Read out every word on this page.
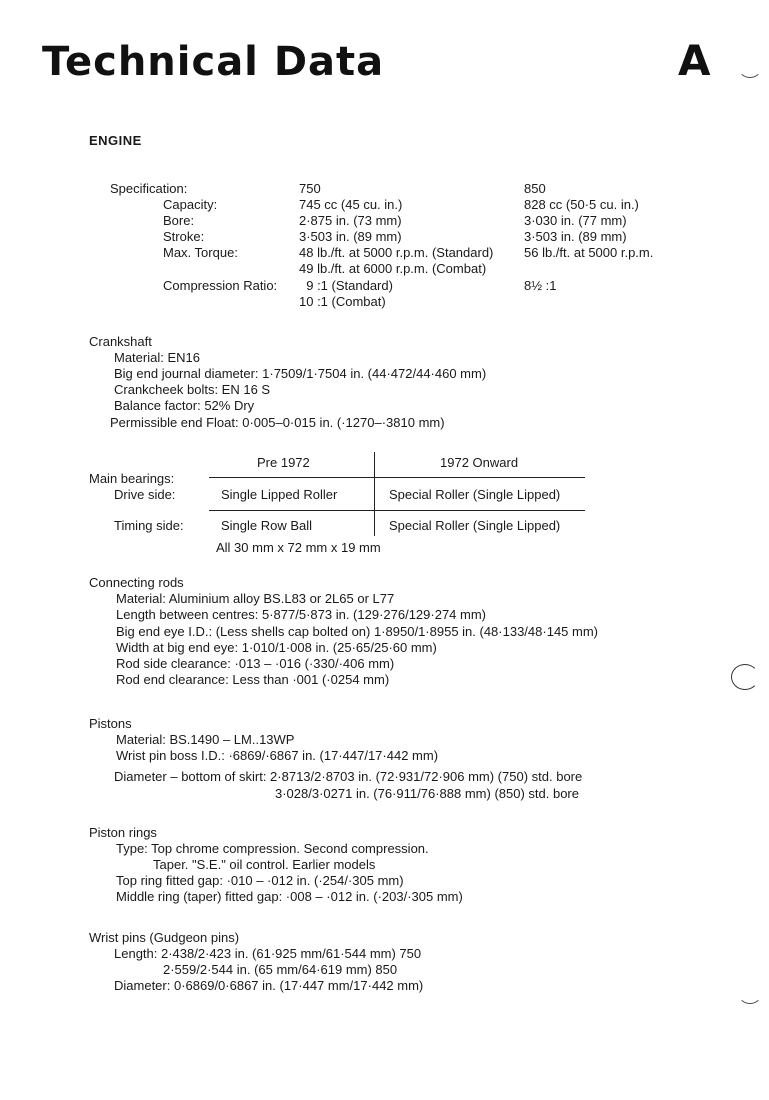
Technical Data	A
ENGINE
Specification:	750	850
Capacity:	745 cc (45 cu. in.)	828 cc (50·5 cu. in.)
Bore:	2·875 in. (73 mm)	3·030 in. (77 mm)
Stroke:	3·503 in. (89 mm)	3·503 in. (89 mm)
Max. Torque:	48 lb./ft. at 5000 r.p.m. (Standard) 56 lb./ft. at 5000 r.p.m.
49 lb./ft. at 6000 r.p.m. (Combat)
Compression Ratio: 9 :1 (Standard)	8½ :1
10 :1 (Combat)
Crankshaft
Material: EN16
Big end journal diameter: 1·7509/1·7504 in. (44·472/44·460 mm)
Crankcheek bolts: EN 16 S
Balance factor: 52% Dry
Permissible end Float: 0·005–0·015 in. (·1270–·3810 mm)
Pre 1972	1972 Onward
Main bearings:
Drive side:	Single Lipped Roller	Special Roller (Single Lipped)
Timing side:	Single Row Ball	Special Roller (Single Lipped)
All 30 mm x 72 mm x 19 mm
Connecting rods
Material: Aluminium alloy BS.L83 or 2L65 or L77
Length between centres: 5·877/5·873 in. (129·276/129·274 mm)
Big end eye I.D.: (Less shells cap bolted on) 1·8950/1·8955 in. (48·133/48·145 mm)
Width at big end eye: 1·010/1·008 in. (25·65/25·60 mm)
Rod side clearance: ·013 – ·016 (·330/·406 mm)
Rod end clearance: Less than ·001 (·0254 mm)
Pistons
Material: BS.1490 – LM..13WP
Wrist pin boss I.D.: ·6869/·6867 in. (17·447/17·442 mm)
Diameter – bottom of skirt: 2·8713/2·8703 in. (72·931/72·906 mm) (750) std. bore
3·028/3·0271 in. (76·911/76·888 mm) (850) std. bore
Piston rings
Type: Top chrome compression. Second compression.
Taper. "S.E." oil control. Earlier models
Top ring fitted gap: ·010 – ·012 in. (·254/·305 mm)
Middle ring (taper) fitted gap: ·008 – ·012 in. (·203/·305 mm)
Wrist pins (Gudgeon pins)
Length: 2·438/2·423 in. (61·925 mm/61·544 mm) 750
2·559/2·544 in. (65 mm/64·619 mm) 850
Diameter: 0·6869/0·6867 in. (17·447 mm/17·442 mm)
